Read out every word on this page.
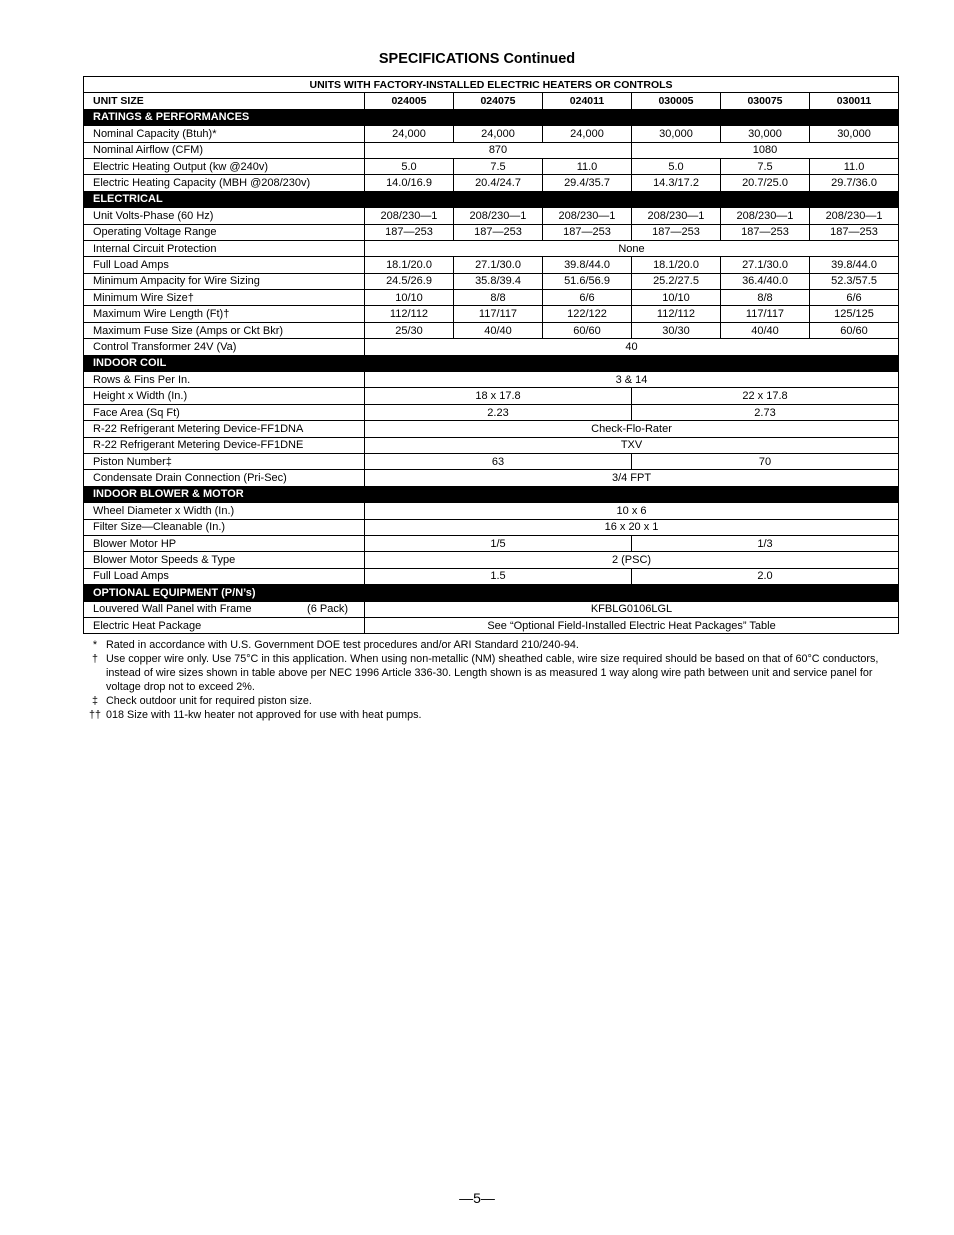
SPECIFICATIONS Continued
UNITS WITH FACTORY-INSTALLED ELECTRIC HEATERS OR CONTROLS						
UNIT SIZE	024005	024075	024011	030005	030075	030011
RATINGS & PERFORMANCES						
Nominal Capacity (Btuh)*	24,000	24,000	24,000	30,000	30,000	30,000
Nominal Airflow (CFM)	870			1080		
Electric Heating Output (kw @240v)	5.0	7.5	11.0	5.0	7.5	11.0
Electric Heating Capacity (MBH @208/230v)	14.0/16.9	20.4/24.7	29.4/35.7	14.3/17.2	20.7/25.0	29.7/36.0
ELECTRICAL						
Unit Volts-Phase (60 Hz)	208/230—1	208/230—1	208/230—1	208/230—1	208/230—1	208/230—1
Operating Voltage Range	187—253	187—253	187—253	187—253	187—253	187—253
Internal Circuit Protection	None					
Full Load Amps	18.1/20.0	27.1/30.0	39.8/44.0	18.1/20.0	27.1/30.0	39.8/44.0
Minimum Ampacity for Wire Sizing	24.5/26.9	35.8/39.4	51.6/56.9	25.2/27.5	36.4/40.0	52.3/57.5
Minimum Wire Size†	10/10	8/8	6/6	10/10	8/8	6/6
Maximum Wire Length (Ft)†	112/112	117/117	122/122	112/112	117/117	125/125
Maximum Fuse Size (Amps or Ckt Bkr)	25/30	40/40	60/60	30/30	40/40	60/60
Control Transformer 24V (Va)	40					
INDOOR COIL						
Rows & Fins Per In.	3 & 14					
Height x Width (In.)	18 x 17.8			22 x 17.8		
Face Area (Sq Ft)	2.23			2.73		
R-22 Refrigerant Metering Device-FF1DNA	Check-Flo-Rater					
R-22 Refrigerant Metering Device-FF1DNE	TXV					
Piston Number‡	63			70		
Condensate Drain Connection (Pri-Sec)	3/4 FPT					
INDOOR BLOWER & MOTOR						
Wheel Diameter x Width (In.)	10 x 6					
Filter Size—Cleanable (In.)	16 x 20 x 1					
Blower Motor HP	1/5			1/3		
Blower Motor Speeds & Type	2 (PSC)					
Full Load Amps	1.5			2.0		
OPTIONAL EQUIPMENT (P/N’s)						
Louvered Wall Panel with Frame (6 Pack)	KFBLG0106LGL					
Electric Heat Package	See “Optional Field-Installed Electric Heat Packages” Table					
* Rated in accordance with U.S. Government DOE test procedures and/or ARI Standard 210/240-94.
† Use copper wire only. Use 75°C in this application. When using non-metallic (NM) sheathed cable, wire size required should be based on that of 60°C conductors, instead of wire sizes shown in table above per NEC 1996 Article 336-30. Length shown is as measured 1 way along wire path between unit and service panel for voltage drop not to exceed 2%.
‡ Check outdoor unit for required piston size.
†† 018 Size with 11-kw heater not approved for use with heat pumps.
—5—
